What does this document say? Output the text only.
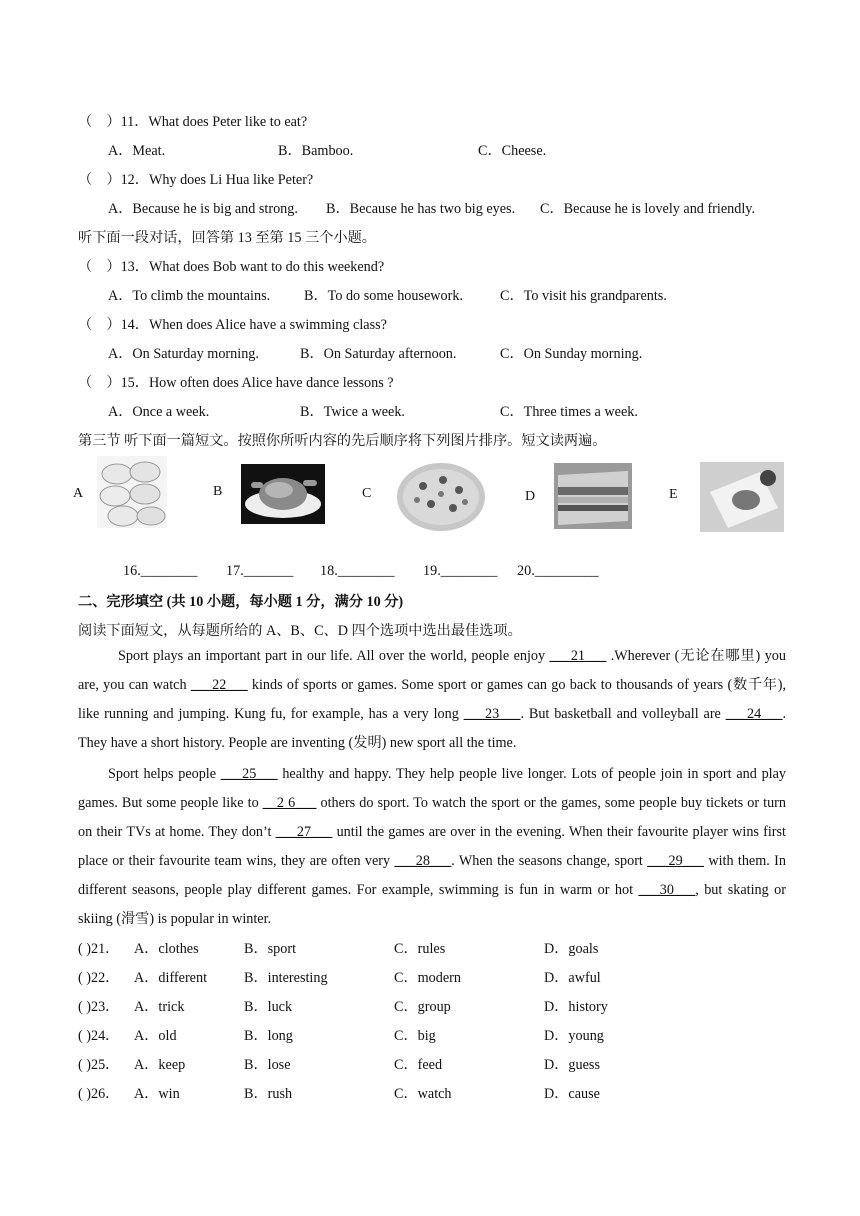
（　）11．What does Peter like to eat?
A．Meat.	B．Bamboo.	C．Cheese.
（　）12．Why does Li Hua like Peter?
A．Because he is big and strong. B．Because he has two big eyes. C．Because he is lovely and friendly.
听下面一段对话，回答第 13 至第 15 三个小题。
（　）13．What does Bob want to do this weekend?
A．To climb the mountains. B．To do some housework.	C．To visit his grandparents.
（　）14．When does Alice have a swimming class?
A．On Saturday morning.	B．On Saturday afternoon.	C．On Sunday morning.
（　）15．How often does Alice have dance lessons ?
A．Once a week.	B．Twice a week.	C．Three times a week.
第三节 听下面一篇短文。按照你所听内容的先后顺序将下列图片排序。短文读两遍。
A	B	C	D	E
16.________ 17._______ 18.________ 19.________ 20._________
二、完形填空 (共 10 小题，每小题 1 分，满分 10 分)
阅读下面短文，从每题所给的 A、B、C、D 四个选项中选出最佳选项。
Sport plays an important part in our life. All over the world, people enjoy ___21___ .Wherever (无论在哪里) you are, you can watch ___22___ kinds of sports or games. Some sport or games can go back to thousands of years (数千年), like running and jumping. Kung fu, for example, has a very long ___23___. But basketball and volleyball are ___24___. They have a short history. People are inventing (发明) new sport all the time.
Sport helps people ___25___ healthy and happy. They help people live longer. Lots of people join in sport and play games. But some people like to __2 6___ others do sport. To watch the sport or the games, some people buy tickets or turn on their TVs at home. They don’t ___27___ until the games are over in the evening. When their favourite player wins first place or their favourite team wins, they are often very ___28___. When the seasons change, sport ___29___ with them. In different seasons, people play different games. For example, swimming is fun in warm or hot ___30___, but skating or skiing (滑雪) is popular in winter.
( )21． A．clothes	B．sport	C．rules	D．goals
( )22． A．different	B．interesting	C．modern	D．awful
( )23． A．trick	B．luck	C．group	D．history
( )24． A．old	B．long	C．big	D．young
( )25． A．keep	B．lose	C．feed	D．guess
( )26． A．win	B．rush	C．watch	D．cause
